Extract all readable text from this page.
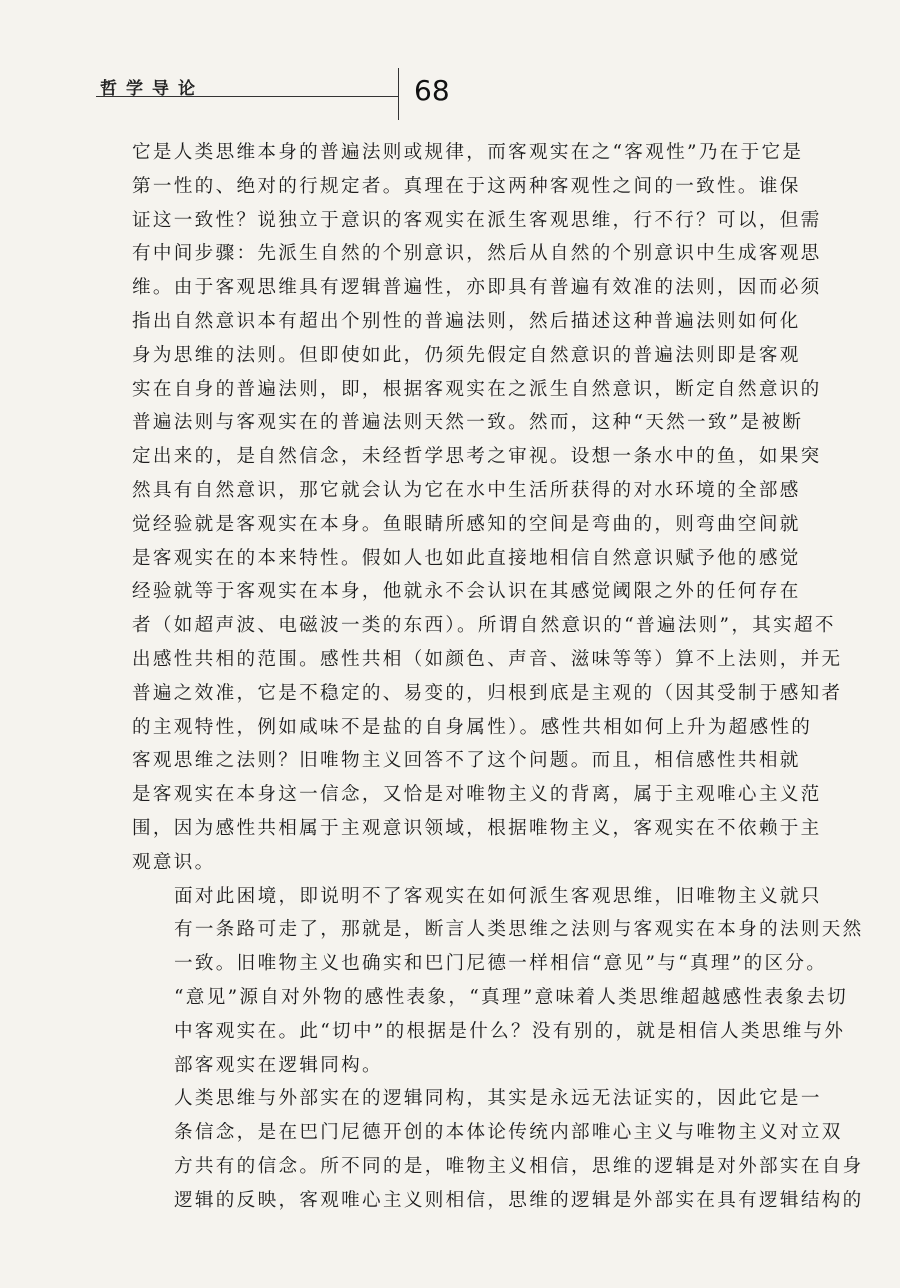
哲学导论	68

它是人类思维本身的普遍法则或规律，而客观实在之“客观性”乃在于它是
第一性的、绝对的行规定者。真理在于这两种客观性之间的一致性。谁保
证这一致性？说独立于意识的客观实在派生客观思维，行不行？可以，但需
有中间步骤：先派生自然的个别意识，然后从自然的个别意识中生成客观思
维。由于客观思维具有逻辑普遍性，亦即具有普遍有效准的法则，因而必须
指出自然意识本有超出个别性的普遍法则，然后描述这种普遍法则如何化
身为思维的法则。但即使如此，仍须先假定自然意识的普遍法则即是客观
实在自身的普遍法则，即，根据客观实在之派生自然意识，断定自然意识的
普遍法则与客观实在的普遍法则天然一致。然而，这种“天然一致”是被断
定出来的，是自然信念，未经哲学思考之审视。设想一条水中的鱼，如果突
然具有自然意识，那它就会认为它在水中生活所获得的对水环境的全部感
觉经验就是客观实在本身。鱼眼睛所感知的空间是弯曲的，则弯曲空间就
是客观实在的本来特性。假如人也如此直接地相信自然意识赋予他的感觉
经验就等于客观实在本身，他就永不会认识在其感觉阈限之外的任何存在
者（如超声波、电磁波一类的东西）。所谓自然意识的“普遍法则”，其实超不
出感性共相的范围。感性共相（如颜色、声音、滋味等等）算不上法则，并无
普遍之效准，它是不稳定的、易变的，归根到底是主观的（因其受制于感知者
的主观特性，例如咸味不是盐的自身属性）。感性共相如何上升为超感性的
客观思维之法则？旧唯物主义回答不了这个问题。而且，相信感性共相就
是客观实在本身这一信念，又恰是对唯物主义的背离，属于主观唯心主义范
围，因为感性共相属于主观意识领域，根据唯物主义，客观实在不依赖于主
观意识。

面对此困境，即说明不了客观实在如何派生客观思维，旧唯物主义就只
有一条路可走了，那就是，断言人类思维之法则与客观实在本身的法则天然
一致。旧唯物主义也确实和巴门尼德一样相信“意见”与“真理”的区分。
“意见”源自对外物的感性表象，“真理”意味着人类思维超越感性表象去切
中客观实在。此“切中”的根据是什么？没有别的，就是相信人类思维与外
部客观实在逻辑同构。

人类思维与外部实在的逻辑同构，其实是永远无法证实的，因此它是一
条信念，是在巴门尼德开创的本体论传统内部唯心主义与唯物主义对立双
方共有的信念。所不同的是，唯物主义相信，思维的逻辑是对外部实在自身
逻辑的反映，客观唯心主义则相信，思维的逻辑是外部实在具有逻辑结构的
